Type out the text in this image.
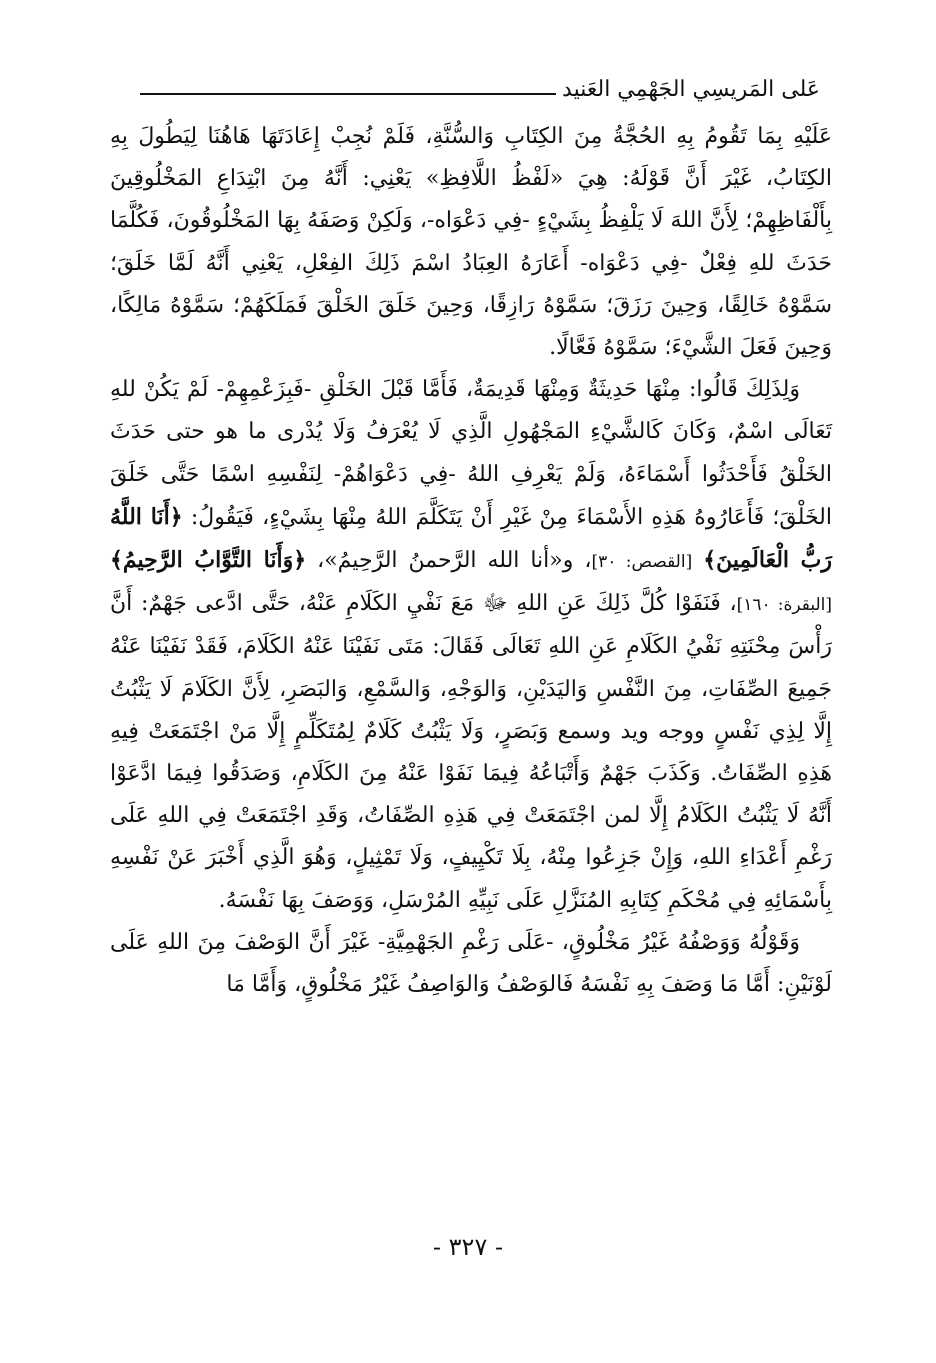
عَلى المَريسِي الجَهْمِي العَنيد

عَلَيْهِ بِمَا تَقُومُ بِهِ الحُجَّةُ مِنَ الكِتَابِ وَالسُّنَّةِ، فَلَمْ نُجِبْ إِعَادَتَهَا هَاهُنَا لِيَطُولَ بِهِ الكِتَابُ، غَيْرَ أَنَّ قَوْلَهُ: هِيَ «لَفْظُ اللَّافِظِ» يَعْنِي: أَنَّهُ مِنَ ابْتِدَاعِ المَخْلُوقِينَ بِأَلْفَاظِهِمْ؛ لِأَنَّ اللهَ لَا يَلْفِظُ بِشَيْءٍ -فِي دَعْوَاه-، وَلَكِنْ وَصَفَهُ بِهَا المَخْلُوقُونَ، فَكُلَّمَا حَدَثَ للهِ فِعْلٌ -فِي دَعْوَاه- أَعَارَهُ العِبَادُ اسْمَ ذَلِكَ الفِعْلِ، يَعْنِي أَنَّهُ لَمَّا خَلَقَ؛ سَمَّوْهُ خَالِقًا، وَحِينَ رَزَقَ؛ سَمَّوْهُ رَازِقًا، وَحِينَ خَلَقَ الخَلْقَ فَمَلَكَهُمْ؛ سَمَّوْهُ مَالِكًا، وَحِينَ فَعَلَ الشَّيْءَ؛ سَمَّوْهُ فَعَّالًا.

وَلِذَلِكَ قَالُوا: مِنْهَا حَدِيثَةٌ وَمِنْهَا قَدِيمَةٌ، فَأَمَّا قَبْلَ الخَلْقِ -فَبِزَعْمِهِمْ- لَمْ يَكُنْ للهِ تَعَالَى اسْمٌ، وَكَانَ كَالشَّيْءِ المَجْهُولِ الَّذِي لَا يُعْرَفُ وَلَا يُدْرى ما هو حتى حَدَثَ الخَلْقُ فَأَحْدَثُوا أَسْمَاءَهُ، وَلَمْ يَعْرِفِ اللهُ -فِي دَعْوَاهُمْ- لِنَفْسِهِ اسْمًا حَتَّى خَلَقَ الخَلْقَ؛ فَأَعَارُوهُ هَذِهِ الأَسْمَاءَ مِنْ غَيْرِ أَنْ يَتَكَلَّمَ اللهُ مِنْهَا بِشَيْءٍ، فَيَقُولُ: ﴿أَنَا اللَّهُ رَبُّ الْعَالَمِينَ﴾ [القصص: ٣٠]، و«أنا الله الرَّحمنُ الرَّحِيمُ»، ﴿وَأَنَا التَّوَّابُ الرَّحِيمُ﴾ [البقرة: ١٦٠]، فَنَفَوْا كُلَّ ذَلِكَ عَنِ اللهِ ﷻ مَعَ نَفْيِ الكَلَامِ عَنْهُ، حَتَّى ادَّعى جَهْمٌ: أَنَّ رَأْسَ مِحْنَتِهِ نَفْيُ الكَلَامِ عَنِ اللهِ تَعَالَى فَقَالَ: مَتَى نَفَيْنَا عَنْهُ الكَلَامَ، فَقَدْ نَفَيْنَا عَنْهُ جَمِيعَ الصِّفَاتِ، مِنَ النَّفْسِ وَاليَدَيْنِ، وَالوَجْهِ، وَالسَّمْعِ، وَالبَصَرِ، لِأَنَّ الكَلَامَ لَا يَثْبُتُ إِلَّا لِذِي نَفْسٍ ووجه ويد وسمع وَبَصَرٍ، وَلَا يَثْبُتُ كَلَامٌ لِمُتَكَلِّمٍ إِلَّا مَنْ اجْتَمَعَتْ فِيهِ هَذِهِ الصِّفَاتُ. وَكَذَبَ جَهْمٌ وَأَتْبَاعُهُ فِيمَا نَفَوْا عَنْهُ مِنَ الكَلَامِ، وَصَدَقُوا فِيمَا ادَّعَوْا أَنَّهُ لَا يَثْبُتُ الكَلَامُ إِلَّا لمن اجْتَمَعَتْ فِي هَذِهِ الصِّفَاتُ، وَقَدِ اجْتَمَعَتْ فِي اللهِ عَلَى رَغْمِ أَعْدَاءِ اللهِ، وَإِنْ جَزِعُوا مِنْهُ، بِلَا تَكْيِيفٍ، وَلَا تَمْثِيلٍ، وَهُوَ الَّذِي أَخْبَرَ عَنْ نَفْسِهِ بِأَسْمَائِهِ فِي مُحْكَمِ كِتَابِهِ المُنَزَّلِ عَلَى نَبِيِّهِ المُرْسَلِ، وَوَصَفَ بِهَا نَفْسَهُ.

وَقَوْلُهُ وَوَصْفُهُ غَيْرُ مَخْلُوقٍ، -عَلَى رَغْمِ الجَهْمِيَّةِ- غَيْرَ أَنَّ الوَصْفَ مِنَ اللهِ عَلَى لَوْنَيْنِ: أَمَّا مَا وَصَفَ بِهِ نَفْسَهُ فَالوَصْفُ وَالوَاصِفُ غَيْرُ مَخْلُوقٍ، وَأَمَّا مَا

- ٣٢٧ -
